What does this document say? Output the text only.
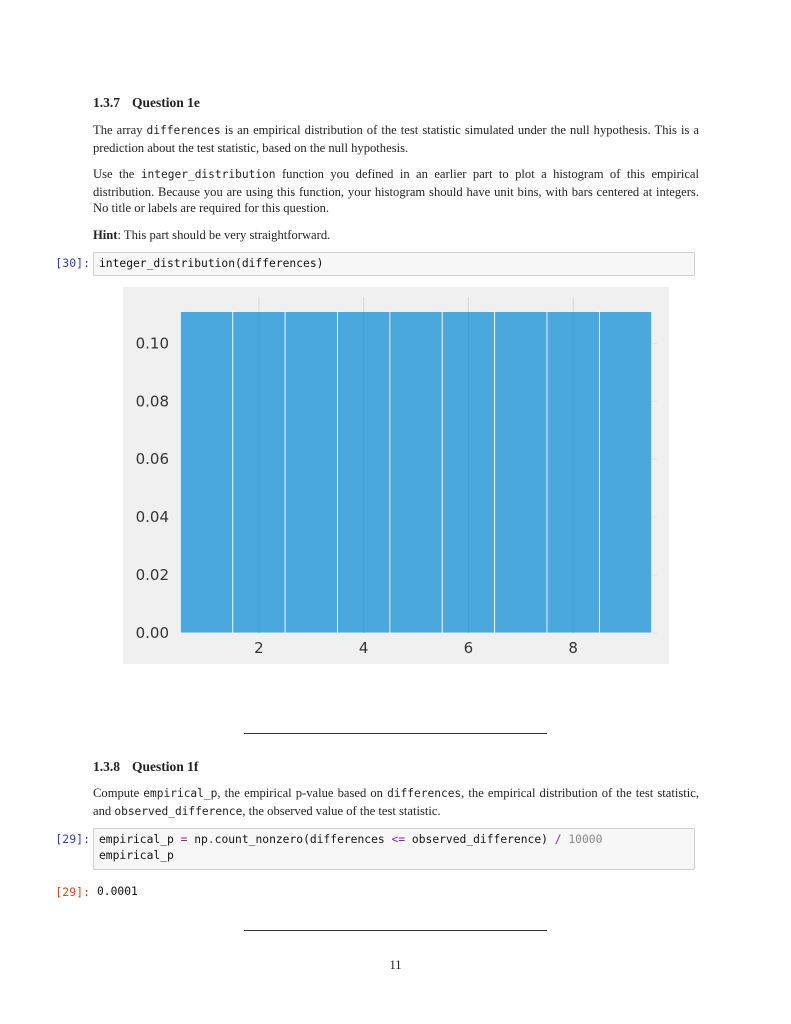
1.3.7 Question 1e
The array differences is an empirical distribution of the test statistic simulated under the null hypothesis. This is a prediction about the test statistic, based on the null hypothesis.
Use the integer_distribution function you defined in an earlier part to plot a histogram of this empirical distribution. Because you are using this function, your histogram should have unit bins, with bars centered at integers. No title or labels are required for this question.
Hint: This part should be very straightforward.
[30]: integer_distribution(differences)
0.00
0.02
0.04
0.06
0.08
0.10
2	4	6	8
1.3.8 Question 1f
Compute empirical_p, the empirical p-value based on differences, the empirical distribution of the test statistic, and observed_difference, the observed value of the test statistic.
[29]: empirical_p = np.count_nonzero(differences <= observed_difference) / 10000
empirical_p
[29]: 0.0001
11
